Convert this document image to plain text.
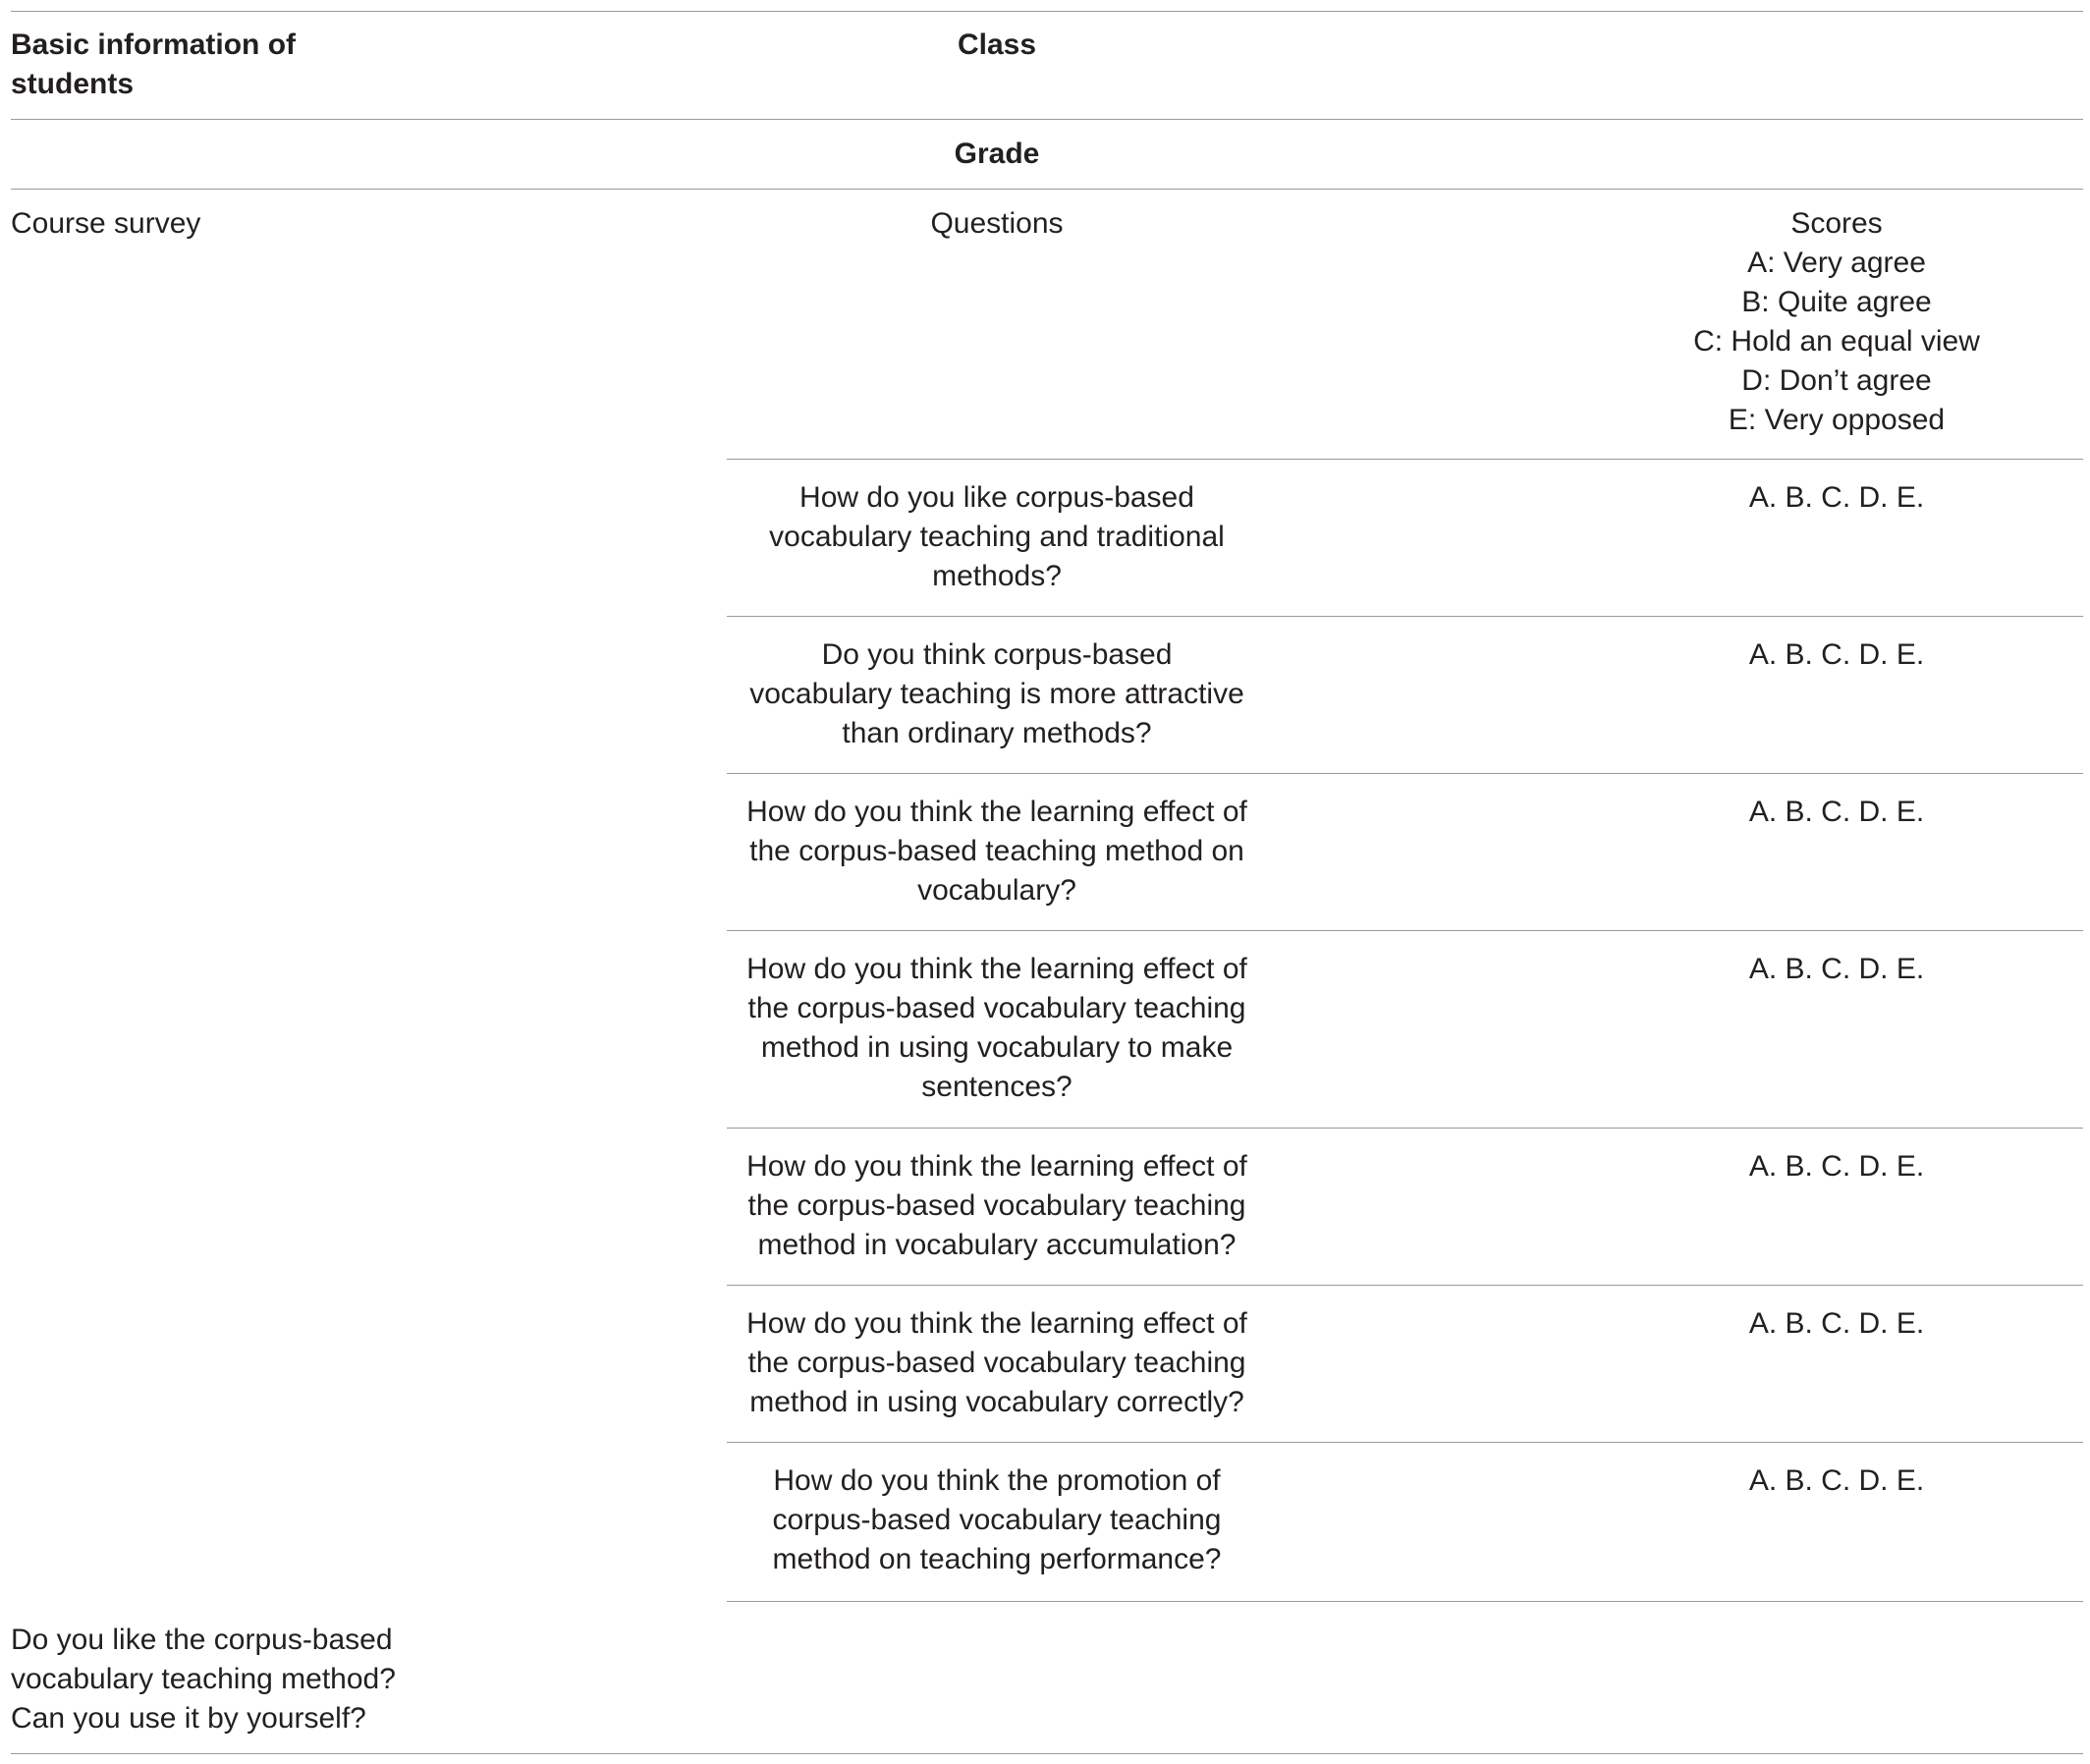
Basic information of students
Class
Grade
Course survey	Questions	Scores
A: Very agree
B: Quite agree
C: Hold an equal view
D: Don’t agree
E: Very opposed
How do you like corpus-based vocabulary teaching and traditional methods?
A. B. C. D. E.
Do you think corpus-based vocabulary teaching is more attractive than ordinary methods?
A. B. C. D. E.
How do you think the learning effect of the corpus-based teaching method on vocabulary?
A. B. C. D. E.
How do you think the learning effect of the corpus-based vocabulary teaching method in using vocabulary to make sentences?
A. B. C. D. E.
How do you think the learning effect of the corpus-based vocabulary teaching method in vocabulary accumulation?
A. B. C. D. E.
How do you think the learning effect of the corpus-based vocabulary teaching method in using vocabulary correctly?
A. B. C. D. E.
How do you think the promotion of corpus-based vocabulary teaching method on teaching performance?
A. B. C. D. E.
Do you like the corpus-based vocabulary teaching method? Can you use it by yourself?
